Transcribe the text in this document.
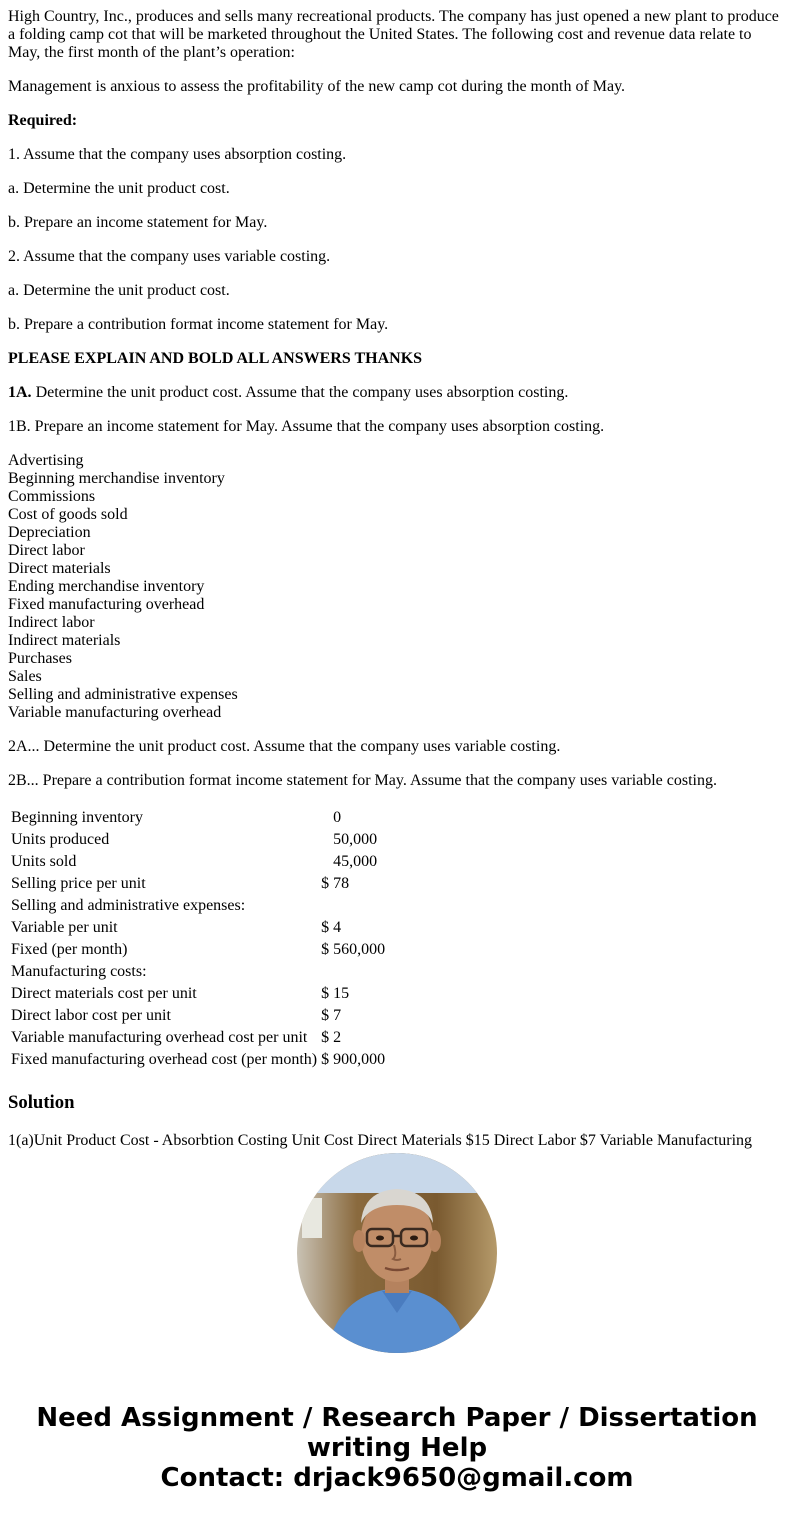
High Country, Inc., produces and sells many recreational products. The company has just opened a new plant to produce a folding camp cot that will be marketed throughout the United States. The following cost and revenue data relate to May, the first month of the plant’s operation:

Management is anxious to assess the profitability of the new camp cot during the month of May.

Required:

1. Assume that the company uses absorption costing.

a. Determine the unit product cost.

b. Prepare an income statement for May.

2. Assume that the company uses variable costing.

a. Determine the unit product cost.

b. Prepare a contribution format income statement for May.

PLEASE EXPLAIN AND BOLD ALL ANSWERS THANKS

1A. Determine the unit product cost. Assume that the company uses absorption costing.

1B. Prepare an income statement for May. Assume that the company uses absorption costing.

Advertising
Beginning merchandise inventory
Commissions
Cost of goods sold
Depreciation
Direct labor
Direct materials
Ending merchandise inventory
Fixed manufacturing overhead
Indirect labor
Indirect materials
Purchases
Sales
Selling and administrative expenses
Variable manufacturing overhead

2A... Determine the unit product cost. Assume that the company uses variable costing.

2B... Prepare a contribution format income statement for May. Assume that the company uses variable costing.

Beginning inventory		0
Units produced		50,000
Units sold		45,000
Selling price per unit	$	78
Selling and administrative expenses:		
Variable per unit	$	4
Fixed (per month)	$	560,000
Manufacturing costs:		
Direct materials cost per unit	$	15
Direct labor cost per unit	$	7
Variable manufacturing overhead cost per unit	$	2
Fixed manufacturing overhead cost (per month)	$	900,000
Solution
1(a)Unit Product Cost - Absorbtion Costing Unit Cost Direct Materials $15 Direct Labor $7 Variable Manufacturing
Need Assignment / Research Paper / Dissertation
writing Help
Contact: drjack9650@gmail.com
